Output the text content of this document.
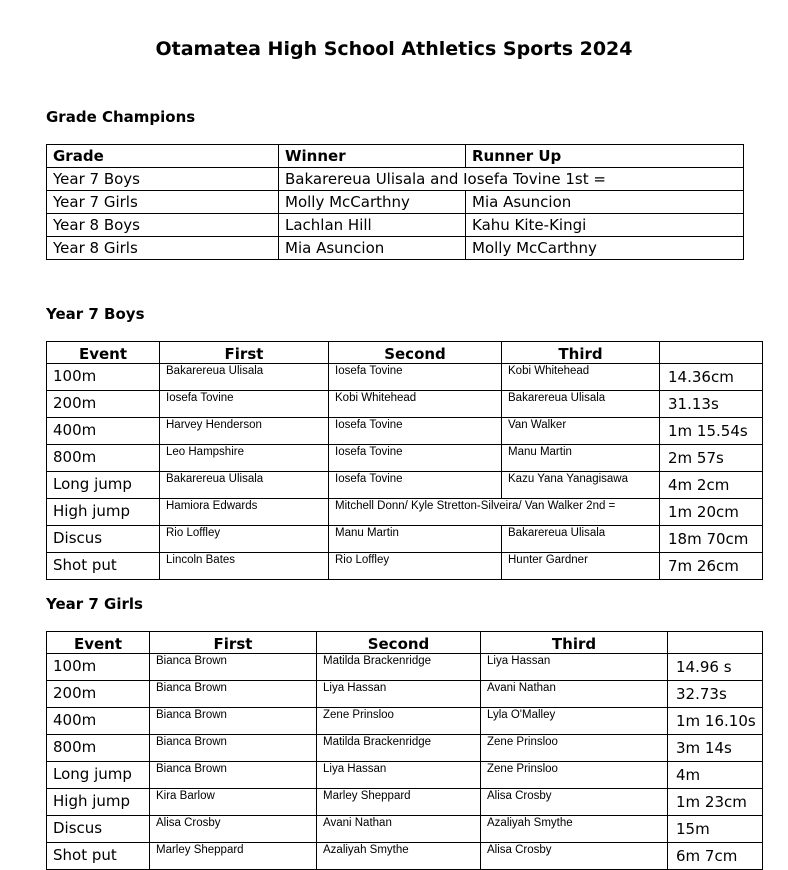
Otamatea High School Athletics Sports 2024
Grade Champions
Grade	Winner	Runner Up
Year 7 Boys	Bakarereua Ulisala and Iosefa Tovine 1st =	
Year 7 Girls	Molly McCarthny	Mia Asuncion
Year 8 Boys	Lachlan Hill	Kahu Kite-Kingi
Year 8 Girls	Mia Asuncion	Molly McCarthny
Year 7 Boys
Event	First	Second	Third	
100m	Bakarereua Ulisala	Iosefa Tovine	Kobi Whitehead	14.36cm
200m	Iosefa Tovine	Kobi Whitehead	Bakarereua Ulisala	31.13s
400m	Harvey Henderson	Iosefa Tovine	Van Walker	1m 15.54s
800m	Leo Hampshire	Iosefa Tovine	Manu Martin	2m 57s
Long jump	Bakarereua Ulisala	Iosefa Tovine	Kazu Yana Yanagisawa	4m 2cm
High jump	Hamiora Edwards	Mitchell Donn/ Kyle Stretton-Silveira/ Van Walker 2nd =		1m 20cm
Discus	Rio Loffley	Manu Martin	Bakarereua Ulisala	18m 70cm
Shot put	Lincoln Bates	Rio Loffley	Hunter Gardner	7m 26cm
Year 7 Girls
Event	First	Second	Third	
100m	Bianca Brown	Matilda Brackenridge	Liya Hassan	14.96 s
200m	Bianca Brown	Liya Hassan	Avani Nathan	32.73s
400m	Bianca Brown	Zene Prinsloo	Lyla O'Malley	1m 16.10s
800m	Bianca Brown	Matilda Brackenridge	Zene Prinsloo	3m 14s
Long jump	Bianca Brown	Liya Hassan	Zene Prinsloo	4m
High jump	Kira Barlow	Marley Sheppard	Alisa Crosby	1m 23cm
Discus	Alisa Crosby	Avani Nathan	Azaliyah Smythe	15m
Shot put	Marley Sheppard	Azaliyah Smythe	Alisa Crosby	6m 7cm
